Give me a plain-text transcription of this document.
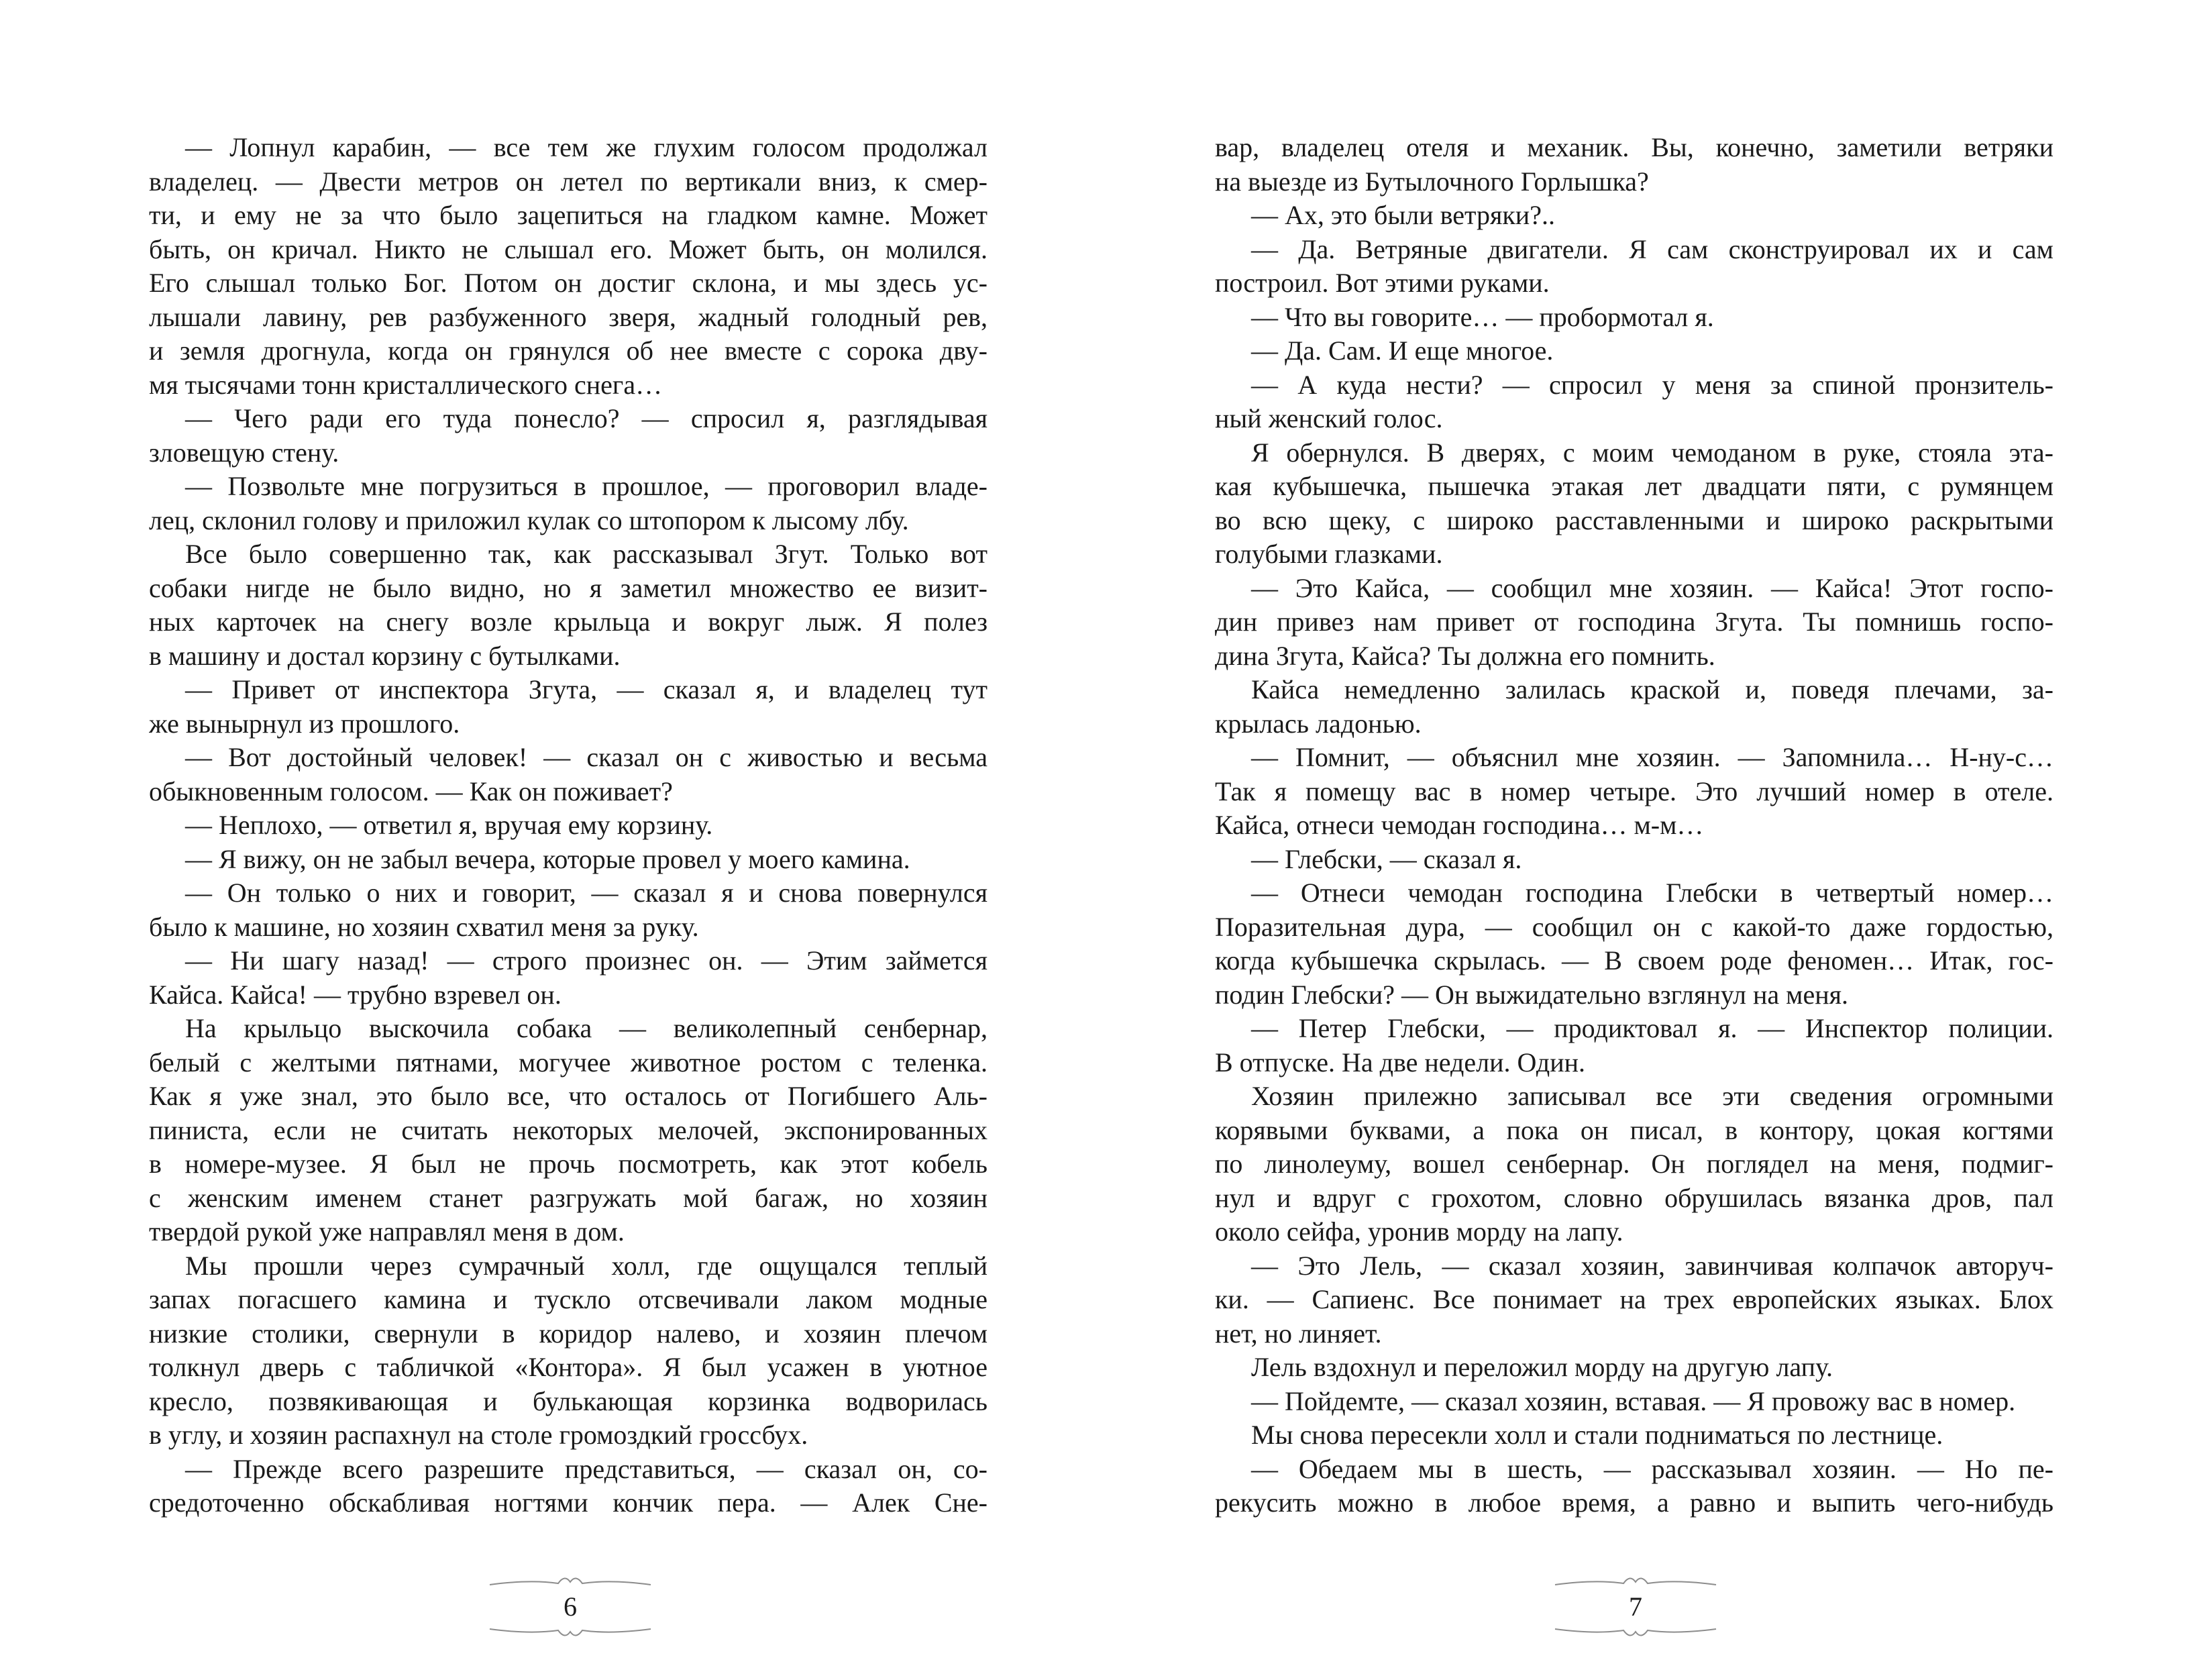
— Лопнул карабин, — все тем же глухим голосом продолжал
владелец. — Двести метров он летел по вертикали вниз, к смер-
ти, и ему не за что было зацепиться на гладком камне. Может
быть, он кричал. Никто не слышал его. Может быть, он молился.
Его слышал только Бог. Потом он достиг склона, и мы здесь ус-
лышали лавину, рев разбуженного зверя, жадный голодный рев,
и земля дрогнула, когда он грянулся об нее вместе с сорока дву-
мя тысячами тонн кристаллического снега…
— Чего ради его туда понесло? — спросил я, разглядывая
зловещую стену.
— Позвольте мне погрузиться в прошлое, — проговорил владе-
лец, склонил голову и приложил кулак со штопором к лысому лбу.
Все было совершенно так, как рассказывал Згут. Только вот
собаки нигде не было видно, но я заметил множество ее визит-
ных карточек на снегу возле крыльца и вокруг лыж. Я полез
в машину и достал корзину с бутылками.
— Привет от инспектора Згута, — сказал я, и владелец тут
же вынырнул из прошлого.
— Вот достойный человек! — сказал он с живостью и весьма
обыкновенным голосом. — Как он поживает?
— Неплохо, — ответил я, вручая ему корзину.
— Я вижу, он не забыл вечера, которые провел у моего камина.
— Он только о них и говорит, — сказал я и снова повернулся
было к машине, но хозяин схватил меня за руку.
— Ни шагу назад! — строго произнес он. — Этим займется
Кайса. Кайса! — трубно взревел он.
На крыльцо выскочила собака — великолепный сенбернар,
белый с желтыми пятнами, могучее животное ростом с теленка.
Как я уже знал, это было все, что осталось от Погибшего Аль-
пиниста, если не считать некоторых мелочей, экспонированных
в номере-музее. Я был не прочь посмотреть, как этот кобель
с женским именем станет разгружать мой багаж, но хозяин
твердой рукой уже направлял меня в дом.
Мы прошли через сумрачный холл, где ощущался теплый
запах погасшего камина и тускло отсвечивали лаком модные
низкие столики, свернули в коридор налево, и хозяин плечом
толкнул дверь с табличкой «Контора». Я был усажен в уютное
кресло, позвякивающая и булькающая корзинка водворилась
в углу, и хозяин распахнул на столе громоздкий гроссбух.
— Прежде всего разрешите представиться, — сказал он, со-
средоточенно обскабливая ногтями кончик пера. — Алек Сне-
вар, владелец отеля и механик. Вы, конечно, заметили ветряки
на выезде из Бутылочного Горлышка?
— Ах, это были ветряки?..
— Да. Ветряные двигатели. Я сам сконструировал их и сам
построил. Вот этими руками.
— Что вы говорите… — пробормотал я.
— Да. Сам. И еще многое.
— А куда нести? — спросил у меня за спиной пронзитель-
ный женский голос.
Я обернулся. В дверях, с моим чемоданом в руке, стояла эта-
кая кубышечка, пышечка этакая лет двадцати пяти, с румянцем
во всю щеку, с широко расставленными и широко раскрытыми
голубыми глазками.
— Это Кайса, — сообщил мне хозяин. — Кайса! Этот госпо-
дин привез нам привет от господина Згута. Ты помнишь госпо-
дина Згута, Кайса? Ты должна его помнить.
Кайса немедленно залилась краской и, поведя плечами, за-
крылась ладонью.
— Помнит, — объяснил мне хозяин. — Запомнила… Н-ну-с…
Так я помещу вас в номер четыре. Это лучший номер в отеле.
Кайса, отнеси чемодан господина… м-м…
— Глебски, — сказал я.
— Отнеси чемодан господина Глебски в четвертый номер…
Поразительная дура, — сообщил он с какой-то даже гордостью,
когда кубышечка скрылась. — В своем роде феномен… Итак, гос-
подин Глебски? — Он выжидательно взглянул на меня.
— Петер Глебски, — продиктовал я. — Инспектор полиции.
В отпуске. На две недели. Один.
Хозяин прилежно записывал все эти сведения огромными
корявыми буквами, а пока он писал, в контору, цокая когтями
по линолеуму, вошел сенбернар. Он поглядел на меня, подмиг-
нул и вдруг с грохотом, словно обрушилась вязанка дров, пал
около сейфа, уронив морду на лапу.
— Это Лель, — сказал хозяин, завинчивая колпачок авторуч-
ки. — Сапиенс. Все понимает на трех европейских языках. Блох
нет, но линяет.
Лель вздохнул и переложил морду на другую лапу.
— Пойдемте, — сказал хозяин, вставая. — Я провожу вас в номер.
Мы снова пересекли холл и стали подниматься по лестнице.
— Обедаем мы в шесть, — рассказывал хозяин. — Но пе-
рекусить можно в любое время, а равно и выпить чего-нибудь
6	7
